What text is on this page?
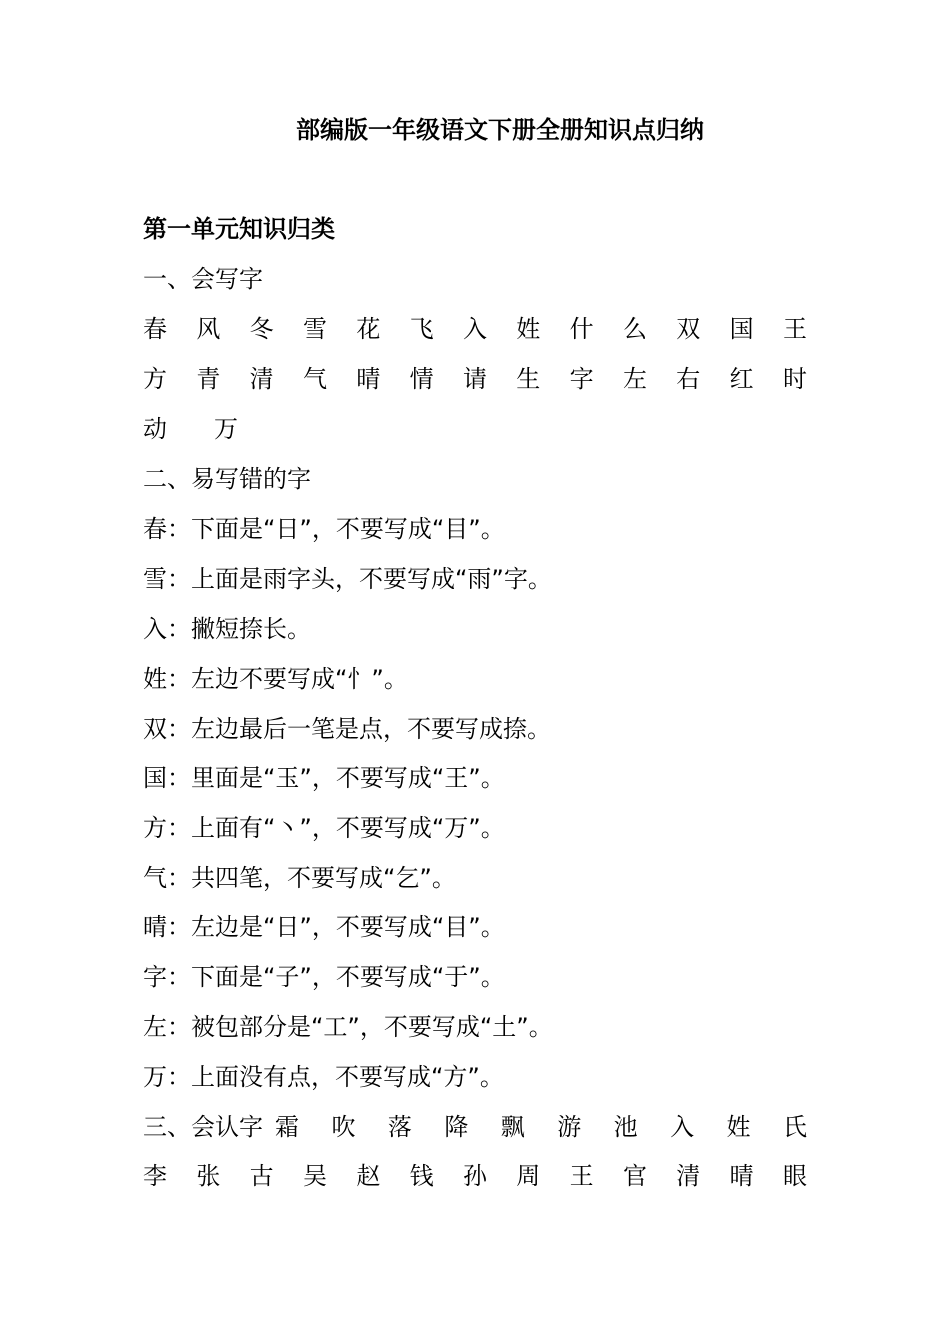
部编版一年级语文下册全册知识点归纳
第一单元知识归类
一、会写字
春 风 冬 雪 花 飞 入 姓 什 么 双 国 王
方 青 清 气 晴 情 请 生 字 左 右 红 时
动 万
二、易写错的字
春：下面是“日”，不要写成“目”。
雪：上面是雨字头，不要写成“雨”字。
入：撇短捺长。
姓：左边不要写成“忄”。
双：左边最后一笔是点，不要写成捺。
国：里面是“玉”，不要写成“王”。
方：上面有“丶”，不要写成“万”。
气：共四笔，不要写成“乞”。
晴：左边是“日”，不要写成“目”。
字：下面是“子”，不要写成“于”。
左：被包部分是“工”，不要写成“土”。
万：上面没有点，不要写成“方”。
三、会认字 霜 吹 落 降 飘 游 池 入 姓 氏
李 张 古 吴 赵 钱 孙 周 王 官 清 晴 眼
